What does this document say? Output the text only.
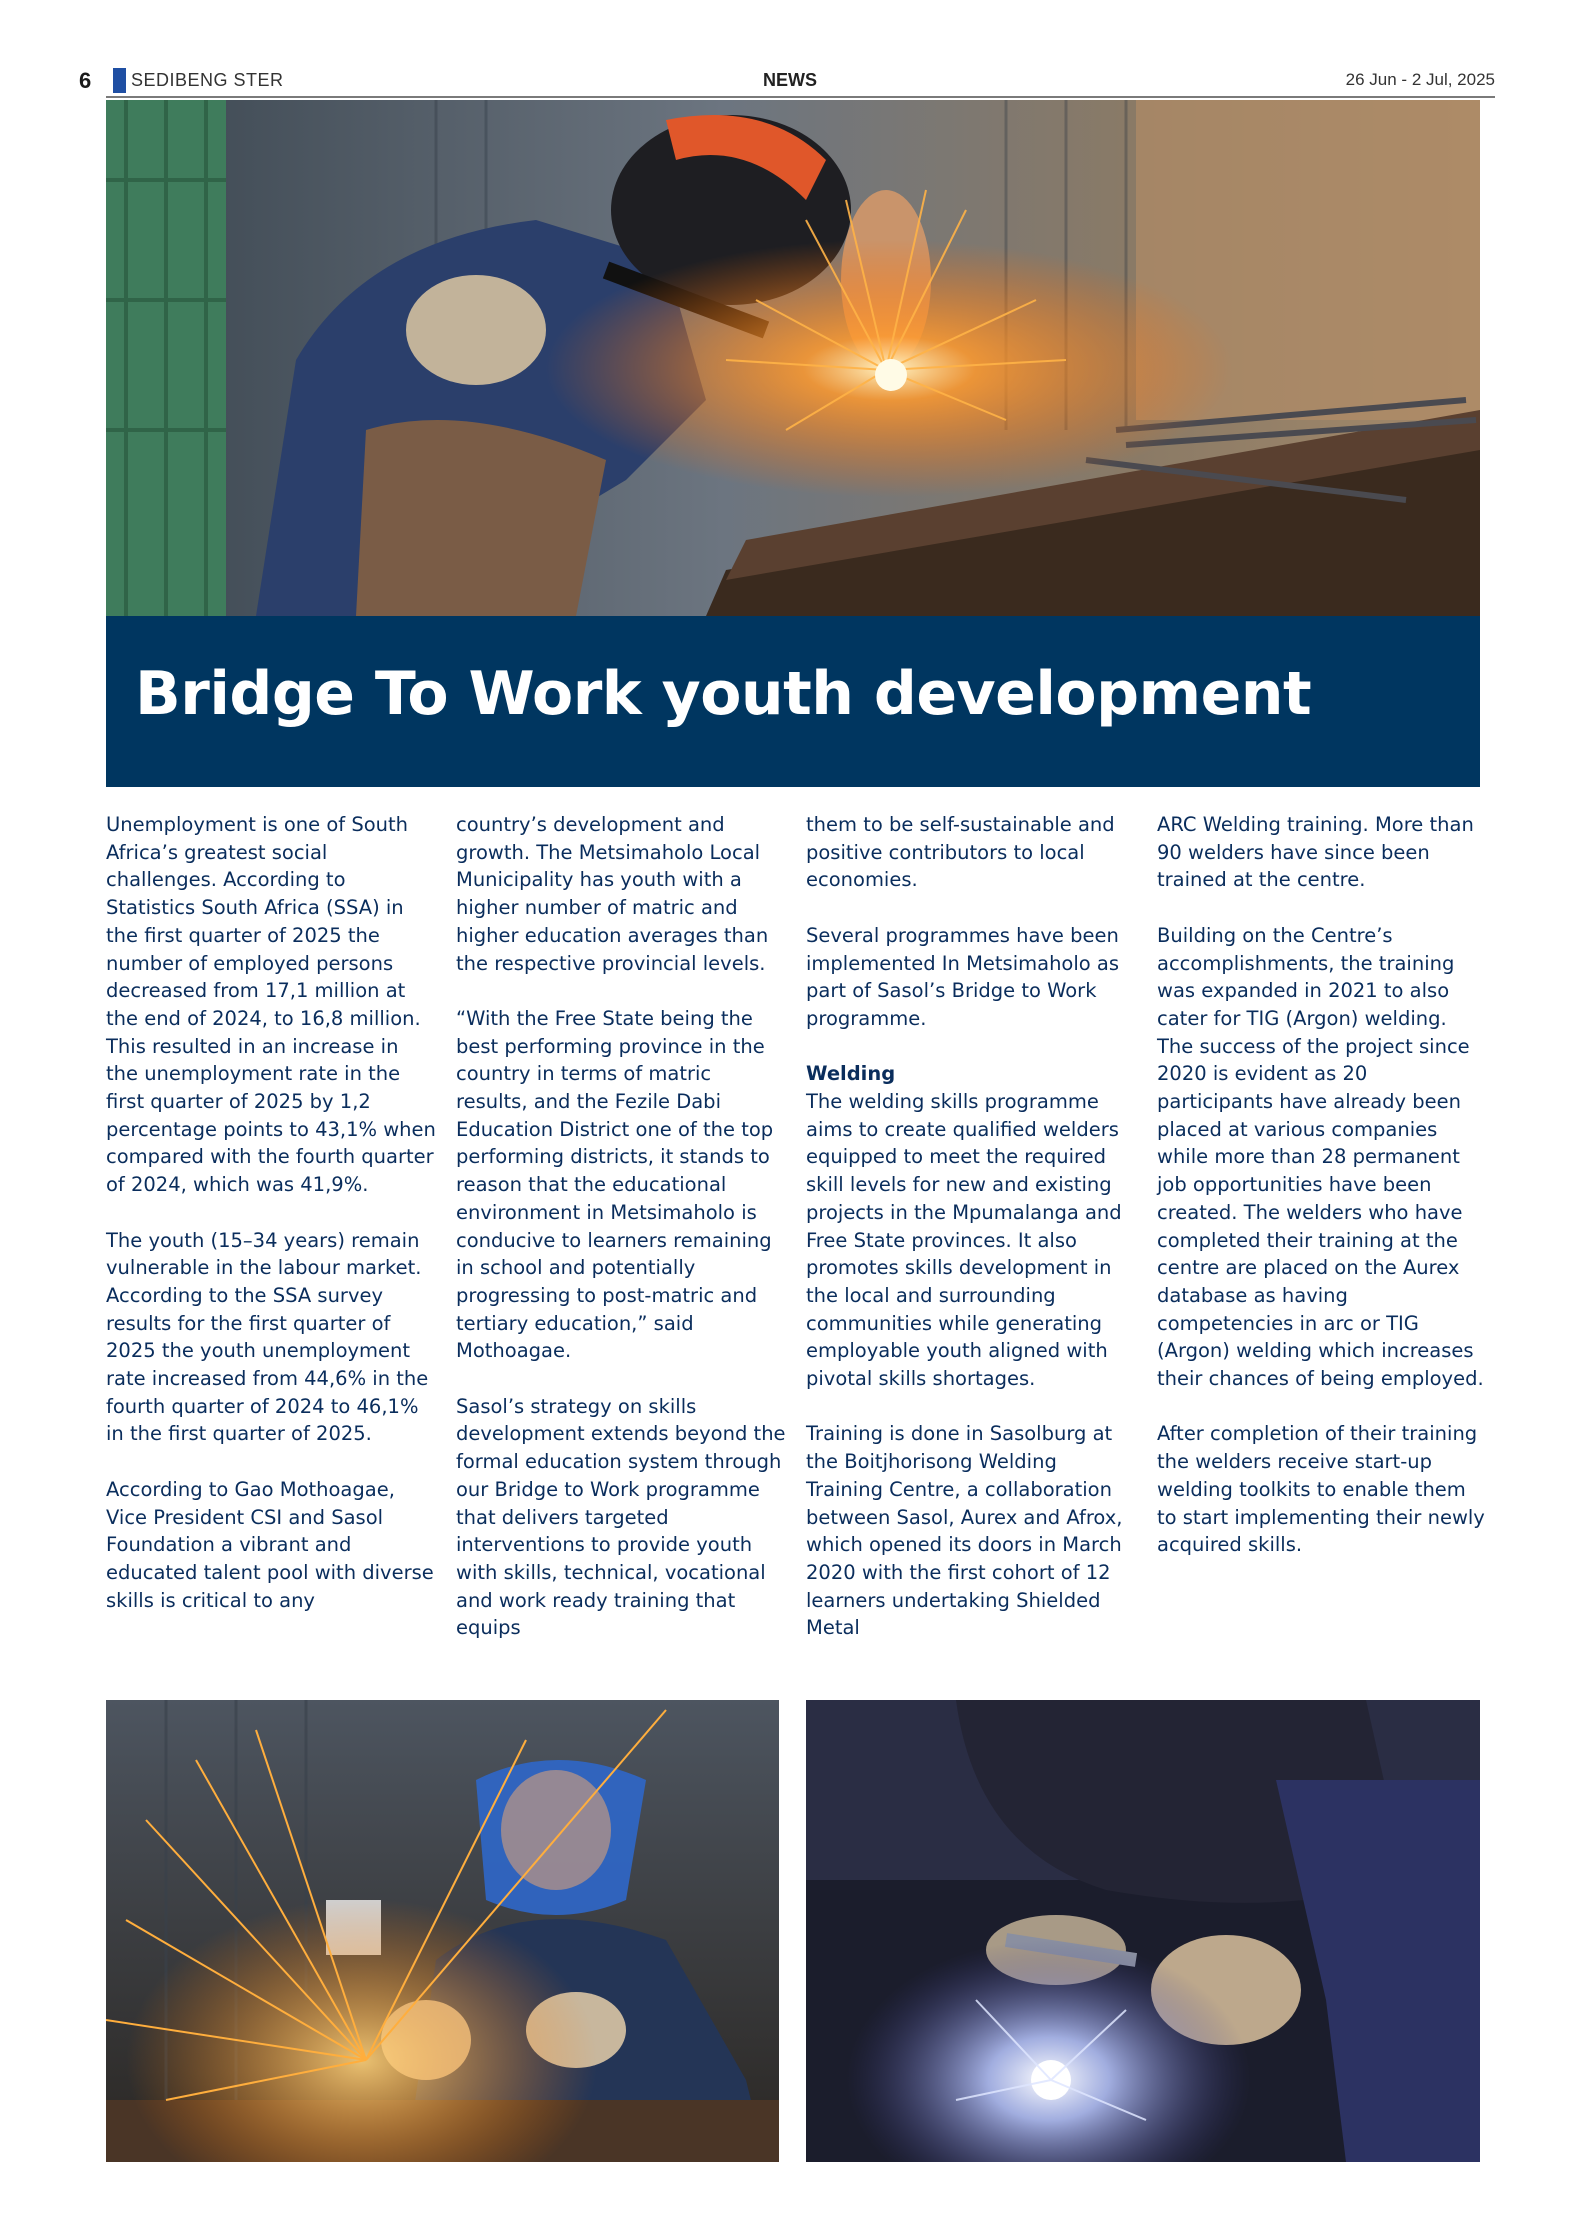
6 SEDIBENG STER	NEWS	26 Jun - 2 Jul, 2025
Bridge To Work youth development

Unemployment is one of South Africa’s greatest social challenges. According to Statistics South Africa (SSA) in the first quarter of 2025 the number of employed persons decreased from 17,1 million at the end of 2024, to 16,8 million. This resulted in an increase in the unemployment rate in the first quarter of 2025 by 1,2 percentage points to 43,1% when compared with the fourth quarter of 2024, which was 41,9%.

The youth (15–34 years) remain vulnerable in the labour market. According to the SSA survey results for the first quarter of 2025 the youth unemployment rate increased from 44,6% in the fourth quarter of 2024 to 46,1% in the first quarter of 2025.

According to Gao Mothoagae, Vice President CSI and Sasol Foundation a vibrant and educated talent pool with diverse skills is critical to any

country’s development and growth. The Metsimaholo Local Municipality has youth with a higher number of matric and higher education averages than the respective provincial levels.

“With the Free State being the best performing province in the country in terms of matric results, and the Fezile Dabi Education District one of the top performing districts, it stands to reason that the educational environment in Metsimaholo is conducive to learners remaining in school and potentially progressing to post-matric and tertiary education,” said Mothoagae.

Sasol’s strategy on skills development extends beyond the formal education system through our Bridge to Work programme that delivers targeted interventions to provide youth with skills, technical, vocational and work ready training that equips

them to be self-sustainable and positive contributors to local economies.

Several programmes have been implemented In Metsimaholo as part of Sasol’s Bridge to Work programme.

Welding
The welding skills programme aims to create qualified welders equipped to meet the required skill levels for new and existing projects in the Mpumalanga and Free State provinces. It also promotes skills development in the local and surrounding communities while generating employable youth aligned with pivotal skills shortages.

Training is done in Sasolburg at the Boitjhorisong Welding Training Centre, a collaboration between Sasol, Aurex and Afrox, which opened its doors in March 2020 with the first cohort of 12 learners undertaking Shielded Metal

ARC Welding training. More than 90 welders have since been trained at the centre.

Building on the Centre’s accomplishments, the training was expanded in 2021 to also cater for TIG (Argon) welding. The success of the project since 2020 is evident as 20 participants have already been placed at various companies while more than 28 permanent job opportunities have been created. The welders who have completed their training at the centre are placed on the Aurex database as having competencies in arc or TIG (Argon) welding which increases their chances of being employed.

After completion of their training the welders receive start-up welding toolkits to enable them to start implementing their newly acquired skills.
